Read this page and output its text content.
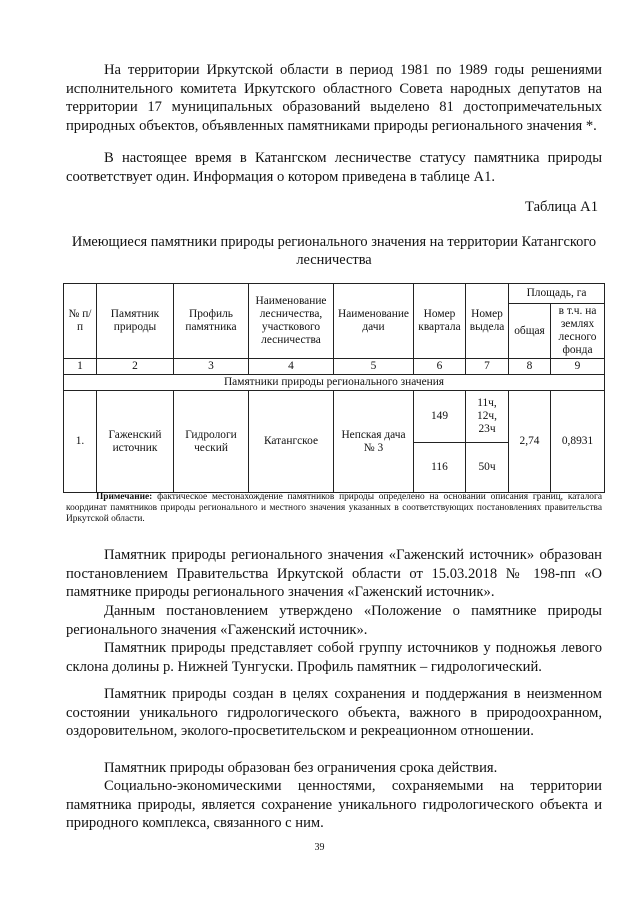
На территории Иркутской области в период 1981 по 1989 годы решениями исполнительного комитета Иркутского областного Совета народных депутатов на территории 17 муниципальных образований выделено 81 достопримечательных природных объектов, объявленных памятниками природы регионального значения *.

В настоящее время в Катангском лесничестве статусу памятника природы соответствует один. Информация о котором приведена в таблице А1.

Таблица А1
Имеющиеся памятники природы регионального значения на территории Катангского лесничества
№ п/п	Памятник природы	Профиль памятника	Наименование лесничества, участкового лесничества	Наименование дачи	Номер квартала	Номер выдела	Площадь, га	
							общая	в т.ч. на землях лесного фонда
1	2	3	4	5	6	7	8	9
Памятники природы регионального значения								
1.	Гаженский источник	Гидрологи ческий	Катангское	Непская дача № 3	149	11ч, 12ч, 23ч	2,74	0,8931
					116	50ч		
Примечание: фактическое местонахождение памятников природы определено на основании описания границ, каталога координат памятников природы регионального и местного значения указанных в соответствующих постановлениях правительства Иркутской области.

Памятник природы регионального значения «Гаженский источник» образован постановлением Правительства Иркутской области от 15.03.2018 № 198-пп «О памятнике природы регионального значения «Гаженский источник».

Данным постановлением утверждено «Положение о памятнике природы регионального значения «Гаженский источник».

Памятник природы представляет собой группу источников у подножья левого склона долины р. Нижней Тунгуски. Профиль памятник – гидрологический.

Памятник природы создан в целях сохранения и поддержания в неизменном состоянии уникального гидрологического объекта, важного в природоохранном, оздоровительном, эколого-просветительском и рекреационном отношении.

Памятник природы образован без ограничения срока действия.

Социально-экономическими ценностями, сохраняемыми на территории памятника природы, является сохранение уникального гидрологического объекта и природного комплекса, связанного с ним.

39
